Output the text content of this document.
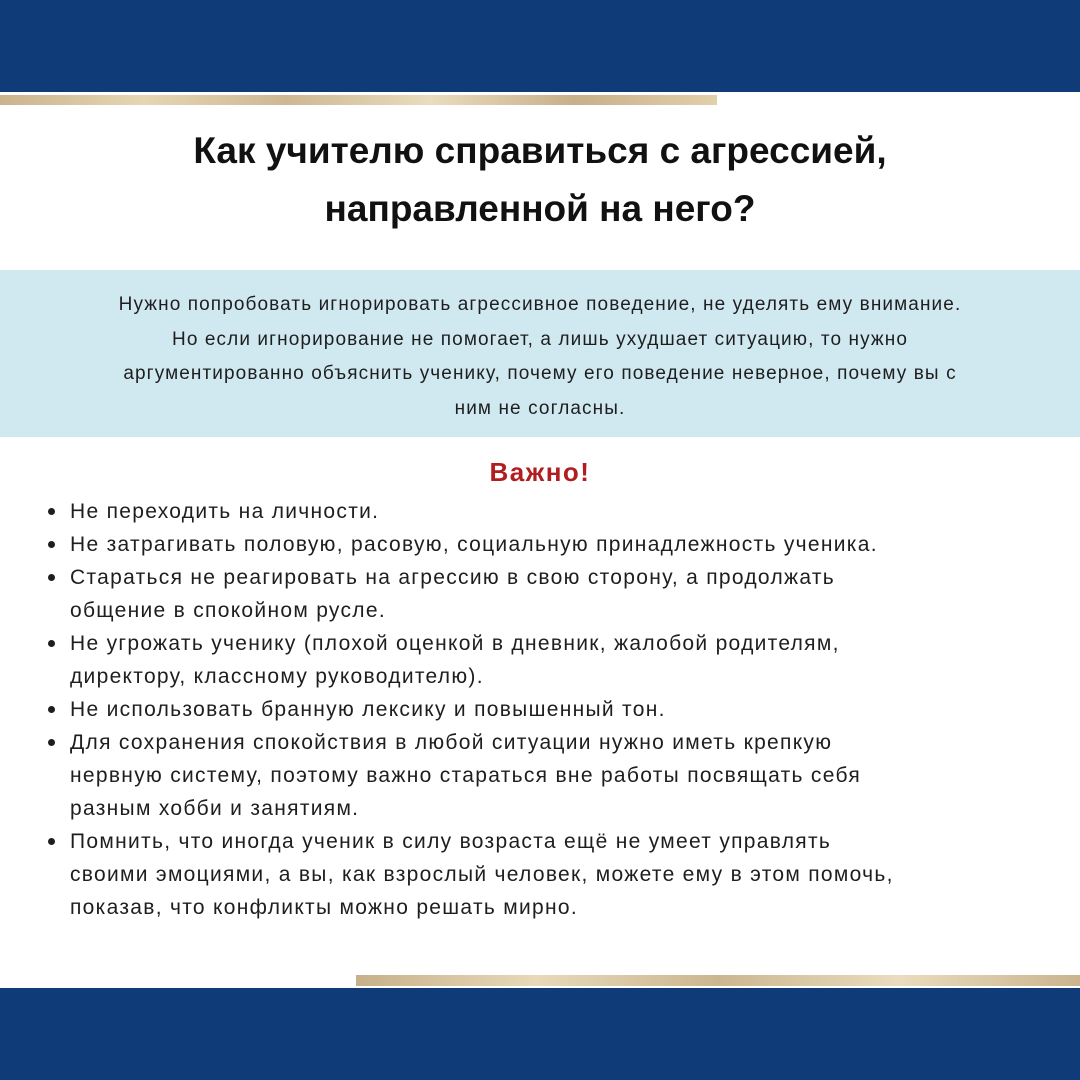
Как учителю справиться с агрессией,
направленной на него?

Нужно попробовать игнорировать агрессивное поведение, не уделять ему внимание.
Но если игнорирование не помогает, а лишь ухудшает ситуацию, то нужно
аргументированно объяснить ученику, почему его поведение неверное, почему вы с
ним не согласны.

Важно!
Не переходить на личности.
Не затрагивать половую, расовую, социальную принадлежность ученика.
Стараться не реагировать на агрессию в свою сторону, а продолжать
общение в спокойном русле.
Не угрожать ученику (плохой оценкой в дневник, жалобой родителям,
директору, классному руководителю).
Не использовать бранную лексику и повышенный тон.
Для сохранения спокойствия в любой ситуации нужно иметь крепкую
нервную систему, поэтому важно стараться вне работы посвящать себя
разным хобби и занятиям.
Помнить, что иногда ученик в силу возраста ещё не умеет управлять
своими эмоциями, а вы, как взрослый человек, можете ему в этом помочь,
показав, что конфликты можно решать мирно.
